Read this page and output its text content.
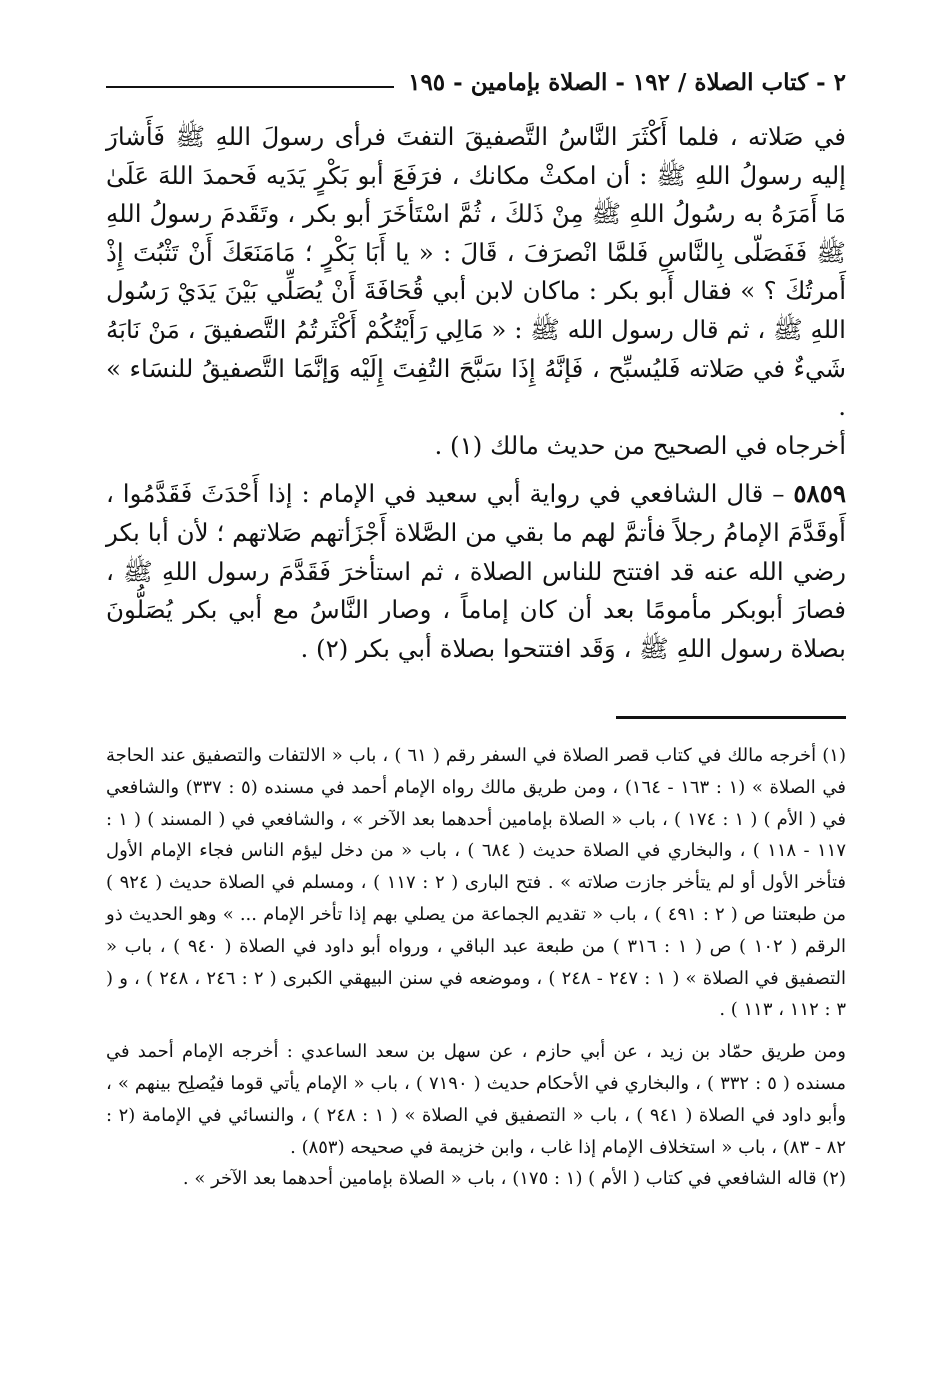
٢ - كتاب الصلاة / ١٩٢ - الصلاة بإمامين - ١٩٥

في صَلاته ، فلما أَكْثَرَ النَّاسُ التَّصفيقَ التفتَ فرأى رسولَ اللهِ ﷺ فَأَشارَ إليه رسولُ اللهِ ﷺ : أن امكثْ مكانك ، فرَفَعَ أبو بَكْرٍ يَدَيه فَحمدَ اللهَ عَلَىٰ مَا أَمَرَهُ به رسُولُ اللهِ ﷺ مِنْ ذَلكَ ، ثُمَّ اسْتَأخَرَ أبو بكر ، وتَقَدمَ رسولُ اللهِ ﷺ فَفَصَلّى بِالنَّاسِ فَلمَّا انْصرَفَ ، قَالَ : « يا أَبَا بَكْرٍ ؛ مَامَنَعَكَ أَنْ تَثْبُتَ إِذْ أَمرتُكَ ؟ » فقال أَبو بكر : ماكان لابن أبي قُحَافَةَ أَنْ يُصَلِّي بَيْنَ يَدَيْ رَسُول اللهِ ﷺ ، ثم قال رسول الله ﷺ : « مَالِي رَأَيْتُكُمْ أَكْثَرتُمُ التَّصفيقَ ، مَنْ نَابَهُ شَيءٌ في صَلاته فَليُسبِّح ، فَإنَّهُ إِذَا سَبَّحَ التُفِتَ إِلَيْه وَإنَّمَا التَّصفيقُ للنسَاء » .

أخرجاه في الصحيح من حديث مالك (١) .

٥٨٥٩ – قال الشافعي في رواية أبي سعيد في الإمام : إذا أَحْدَثَ فَقَدَّمُوا ، أَوقَدَّمَ الإمامُ رجلاً فأتمَّ لهم ما بقي من الصَّلاة أَجْزَأتهم صَلاتهم ؛ لأن أبا بكر رضي الله عنه قد افتتح للناس الصلاة ، ثم استأخرَ فَقَدَّمَ رسول اللهِ ﷺ ، فصارَ أبوبكر مأمومًا بعد أن كان إماماً ، وصار النَّاسُ مع أبي بكر يُصَلُّونَ بصلاة رسول اللهِ ﷺ ، وَقَد افتتحوا بصلاة أبي بكر (٢) .

(١) أخرجه مالك في كتاب قصر الصلاة في السفر رقم ( ٦١ ) ، باب « الالتفات والتصفيق عند الحاجة في الصلاة » (١ : ١٦٣ - ١٦٤) ، ومن طريق مالك رواه الإمام أحمد في مسنده (٥ : ٣٣٧) والشافعي في ( الأم ) ( ١ : ١٧٤ ) ، باب « الصلاة بإمامين أحدهما بعد الآخر » ، والشافعي في ( المسند ) ( ١ : ١١٧ - ١١٨ ) ، والبخاري في الصلاة حديث ( ٦٨٤ ) ، باب « من دخل ليؤم الناس فجاء الإمام الأول فتأخر الأول أو لم يتأخر جازت صلاته » . فتح البارى ( ٢ : ١١٧ ) ، ومسلم في الصلاة حديث ( ٩٢٤ ) من طبعتنا ص ( ٢ : ٤٩١ ) ، باب « تقديم الجماعة من يصلي بهم إذا تأخر الإمام ... » وهو الحديث ذو الرقم ( ١٠٢ ) ص ( ١ : ٣١٦ ) من طبعة عبد الباقي ، ورواه أبو داود في الصلاة ( ٩٤٠ ) ، باب « التصفيق في الصلاة » ( ١ : ٢٤٧ - ٢٤٨ ) ، وموضعه في سنن البيهقي الكبرى ( ٢ : ٢٤٦ ، ٢٤٨ ) ، و ( ٣ : ١١٢ ، ١١٣ ) .

ومن طريق حمّاد بن زيد ، عن أبي حازم ، عن سهل بن سعد الساعدي : أخرجه الإمام أحمد في مسنده ( ٥ : ٣٣٢ ) ، والبخاري في الأحكام حديث ( ٧١٩٠ ) ، باب « الإمام يأتي قوما فيُصلِح بينهم » ، وأبو داود في الصلاة ( ٩٤١ ) ، باب « التصفيق في الصلاة » ( ١ : ٢٤٨ ) ، والنسائي في الإمامة (٢ : ٨٢ - ٨٣) ، باب « استخلاف الإمام إذا غاب ، وابن خزيمة في صحيحه (٨٥٣) .

(٢) قاله الشافعي في كتاب ( الأم ) (١ : ١٧٥) ، باب « الصلاة بإمامين أحدهما بعد الآخر » .
